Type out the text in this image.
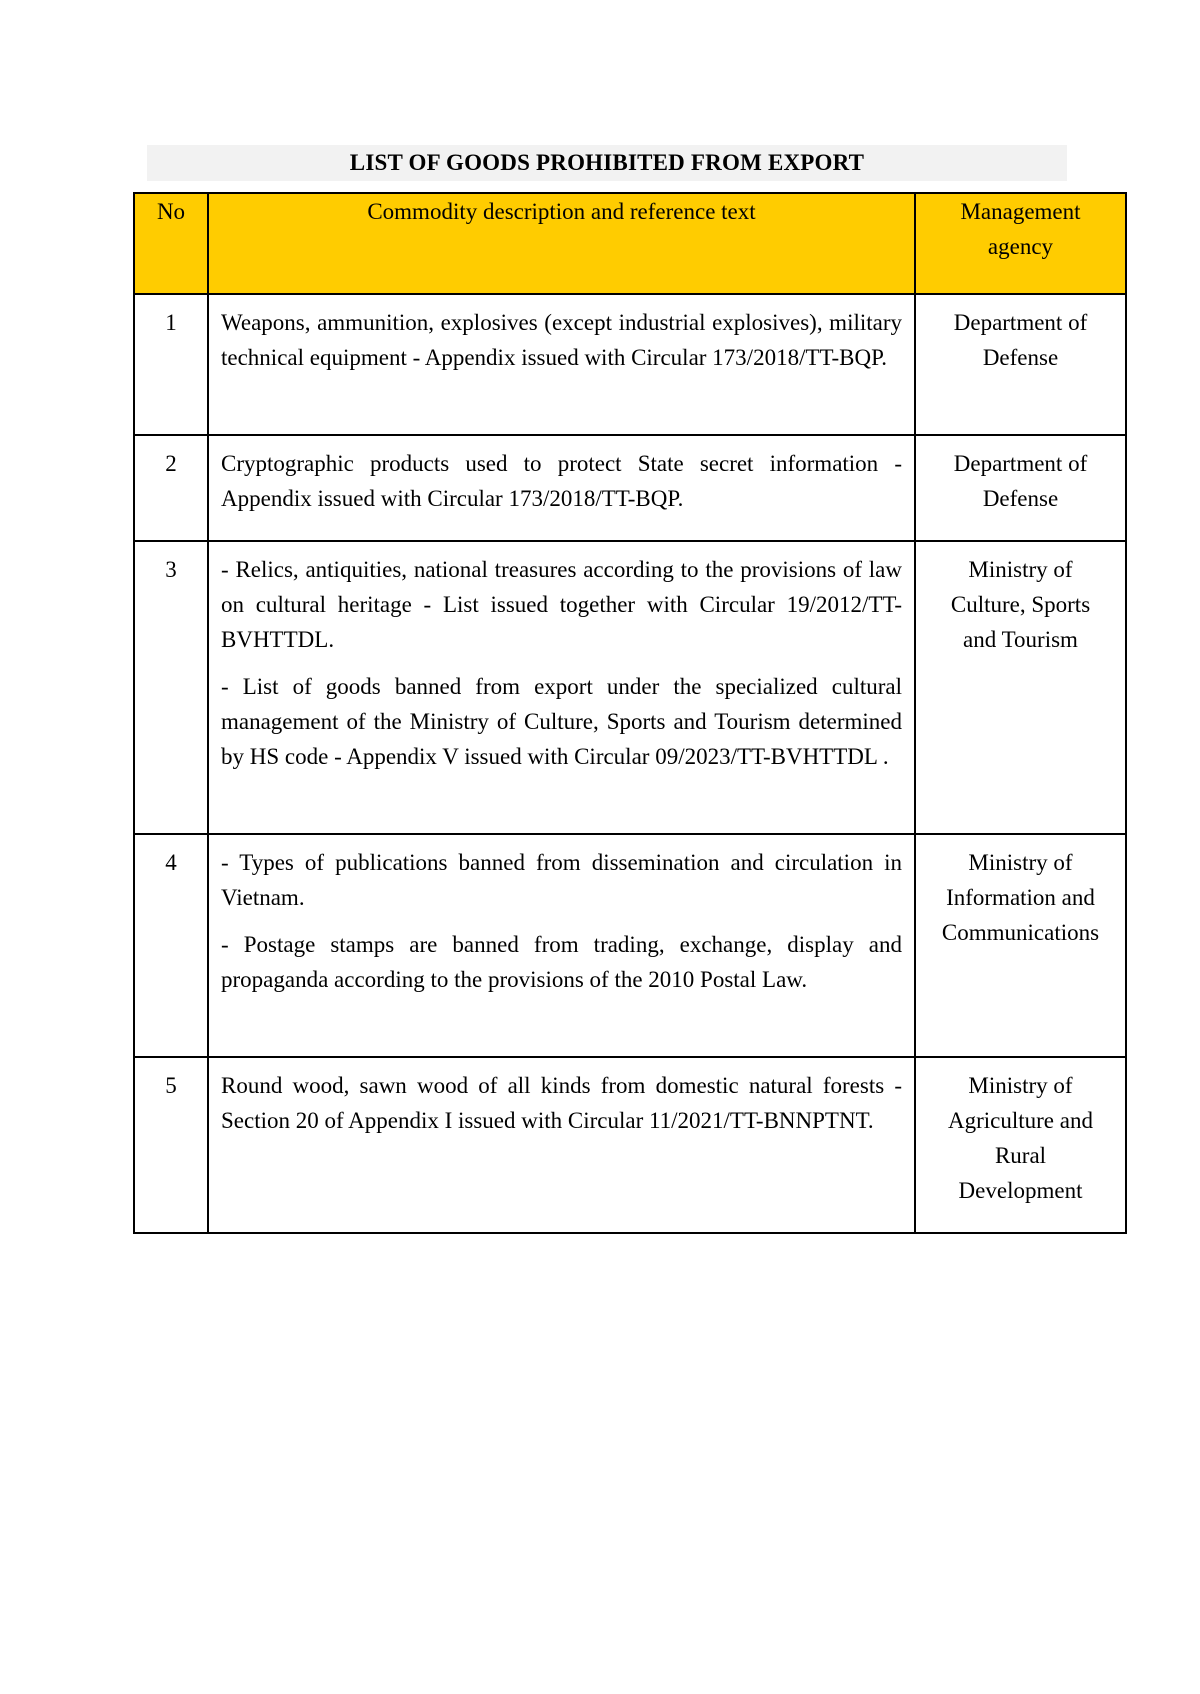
LIST OF GOODS PROHIBITED FROM EXPORT
No	Commodity description and reference text	Management agency

1	Weapons, ammunition, explosives (except industrial explosives), military technical equipment - Appendix issued with Circular 173/2018/TT-BQP.	Department of Defense

2	Cryptographic products used to protect State secret information - Appendix issued with Circular 173/2018/TT-BQP.	Department of Defense

3	- Relics, antiquities, national treasures according to the provisions of law on cultural heritage - List issued together with Circular 19/2012/TT-BVHTTDL.
- List of goods banned from export under the specialized cultural management of the Ministry of Culture, Sports and Tourism determined by HS code - Appendix V issued with Circular 09/2023/TT-BVHTTDL .	Ministry of Culture, Sports and Tourism

4	- Types of publications banned from dissemination and circulation in Vietnam.
- Postage stamps are banned from trading, exchange, display and propaganda according to the provisions of the 2010 Postal Law.	Ministry of Information and Communications

5	Round wood, sawn wood of all kinds from domestic natural forests - Section 20 of Appendix I issued with Circular 11/2021/TT-BNNPTNT.	Ministry of Agriculture and Rural Development
